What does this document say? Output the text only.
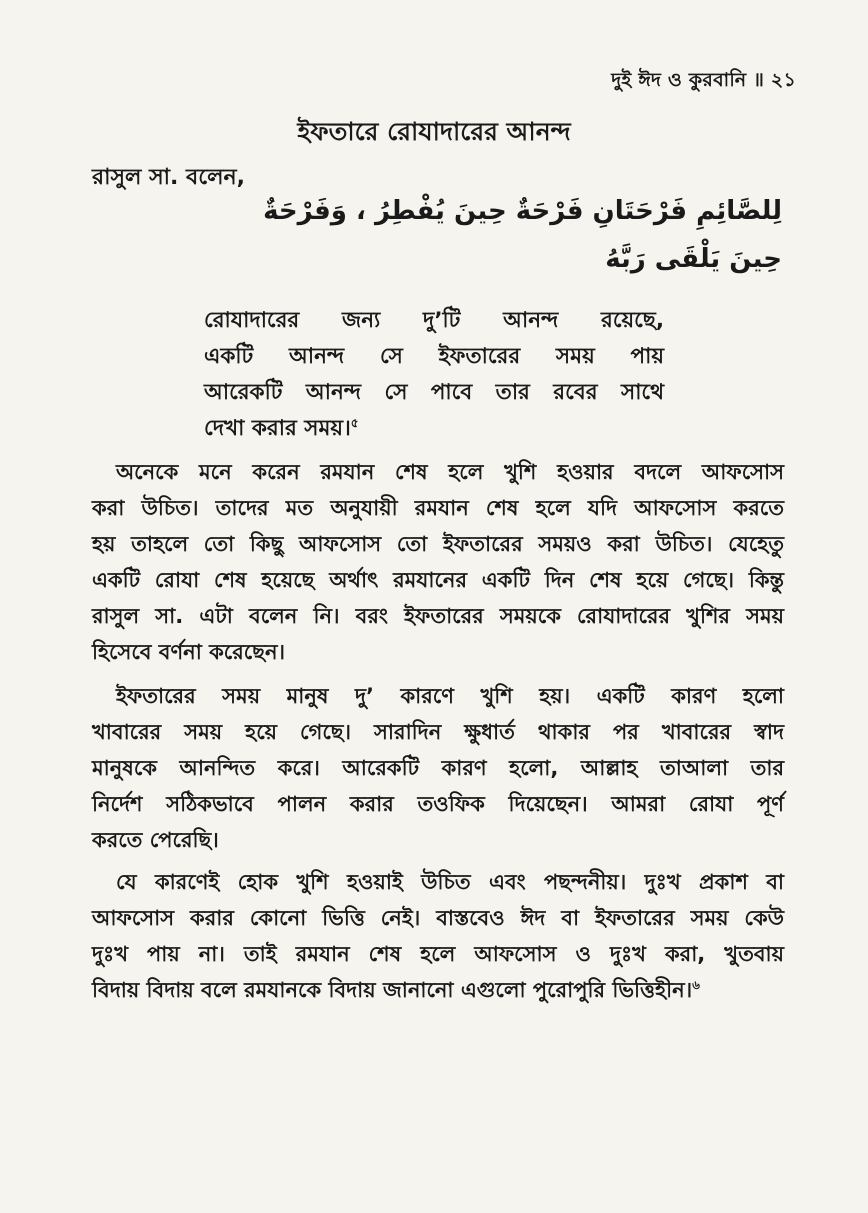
দুই ঈদ ও কুরবানি ॥ ২১
ইফতারে রোযাদারের আনন্দ
রাসুল সা. বলেন,
لِلصَّائِمِ فَرْحَتَانِ فَرْحَةٌ حِينَ يُفْطِرُ ، وَفَرْحَةٌ
حِينَ يَلْقَى رَبَّهُ
রোযাদারের জন্য দু’টি আনন্দ রয়েছে,
একটি আনন্দ সে ইফতারের সময় পায়
আরেকটি আনন্দ সে পাবে তার রবের সাথে
দেখা করার সময়।$^৫$
অনেকে মনে করেন রমযান শেষ হলে খুশি হওয়ার বদলে আফসোস
করা উচিত। তাদের মত অনুযায়ী রমযান শেষ হলে যদি আফসোস করতে
হয় তাহলে তো কিছু আফসোস তো ইফতারের সময়ও করা উচিত। যেহেতু
একটি রোযা শেষ হয়েছে অর্থাৎ রমযানের একটি দিন শেষ হয়ে গেছে। কিন্তু
রাসুল সা. এটা বলেন নি। বরং ইফতারের সময়কে রোযাদারের খুশির সময়
হিসেবে বর্ণনা করেছেন।
ইফতারের সময় মানুষ দু’ কারণে খুশি হয়। একটি কারণ হলো
খাবারের সময় হয়ে গেছে। সারাদিন ক্ষুধার্ত থাকার পর খাবারের স্বাদ
মানুষকে আনন্দিত করে। আরেকটি কারণ হলো, আল্লাহ তাআলা তার
নির্দেশ সঠিকভাবে পালন করার তওফিক দিয়েছেন। আমরা রোযা পূর্ণ
করতে পেরেছি।
যে কারণেই হোক খুশি হওয়াই উচিত এবং পছন্দনীয়। দুঃখ প্রকাশ বা
আফসোস করার কোনো ভিত্তি নেই। বাস্তবেও ঈদ বা ইফতারের সময় কেউ
দুঃখ পায় না। তাই রমযান শেষ হলে আফসোস ও দুঃখ করা, খুতবায়
বিদায় বিদায় বলে রমযানকে বিদায় জানানো এগুলো পুরোপুরি ভিত্তিহীন।$^৬$
